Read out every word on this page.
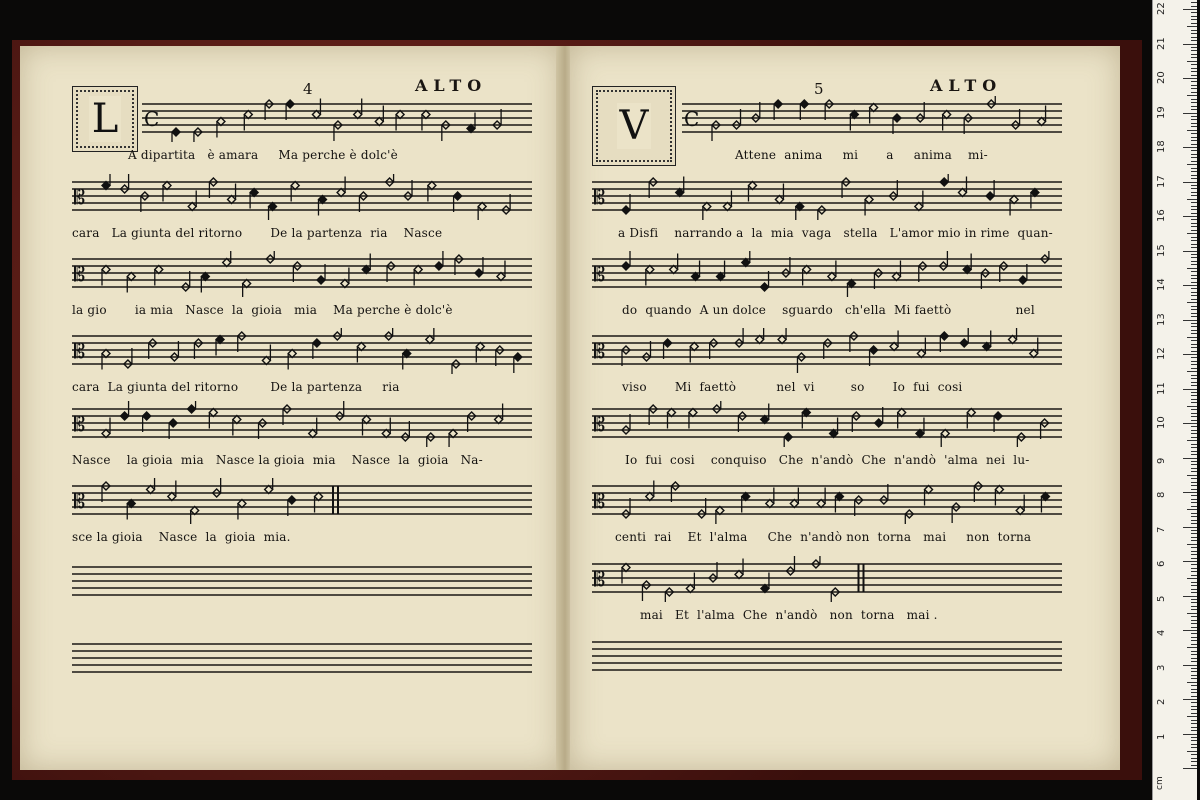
4	ALTO
L C
A dipartita   è amara     Ma perche è dolc'è
𝄡
cara   La giunta del ritorno       De la partenza  ria    Nasce
𝄡
la gio       ia mia   Nasce  la  gioia   mia    Ma perche è dolc'è
𝄡
cara  La giunta del ritorno        De la partenza     ria
𝄡
Nasce    la gioia  mia   Nasce la gioia  mia    Nasce  la  gioia   Na-
𝄡
sce la gioia    Nasce  la  gioia  mia.
5	ALTO
V C
Attene  anima     mi       a     anima    mi-
𝄡
a Disfi    narrando a  la  mia  vaga   stella   L'amor mio in rime  quan-
𝄡
do  quando  A un dolce    sguardo   ch'ella  Mi faettò                nel
𝄡
viso       Mi  faettò          nel  vi         so       Io  fui  cosi
𝄡
Io  fui  cosi    conquiso   Che  n'andò  Che  n'andò  'alma  nei  lu-
𝄡
centi  rai    Et  l'alma     Che  n'andò non  torna   mai     non  torna
𝄡
mai   Et  l'alma  Che  n'andò   non  torna   mai .
cm
1
2
3
4
5
6
7
8
9
10
11
12
13
14
15
16
17
18
19
20
21
22
